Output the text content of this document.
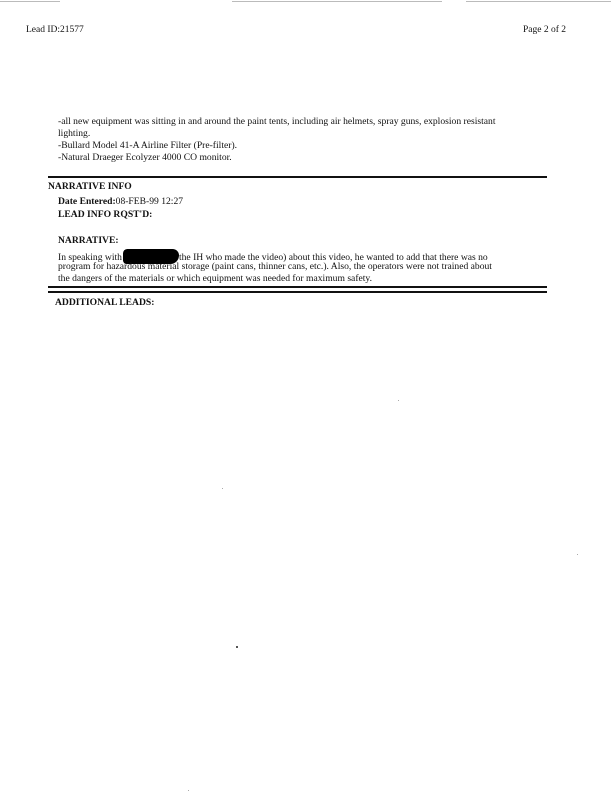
Lead ID:21577	Page 2 of 2
-all new equipment was sitting in and around the paint tents, including air helmets, spray guns, explosion resistant
lighting.
-Bullard Model 41-A Airline Filter (Pre-filter).
-Natural Draeger Ecolyzer 4000 CO monitor.
NARRATIVE INFO
Date Entered:08-FEB-99 12:27
LEAD INFO RQST'D:
NARRATIVE:
In speaking with	the IH who made the video) about this video, he wanted to add that there was no
program for hazardous material storage (paint cans, thinner cans, etc.). Also, the operators were not trained about
the dangers of the materials or which equipment was needed for maximum safety.
ADDITIONAL LEADS:
